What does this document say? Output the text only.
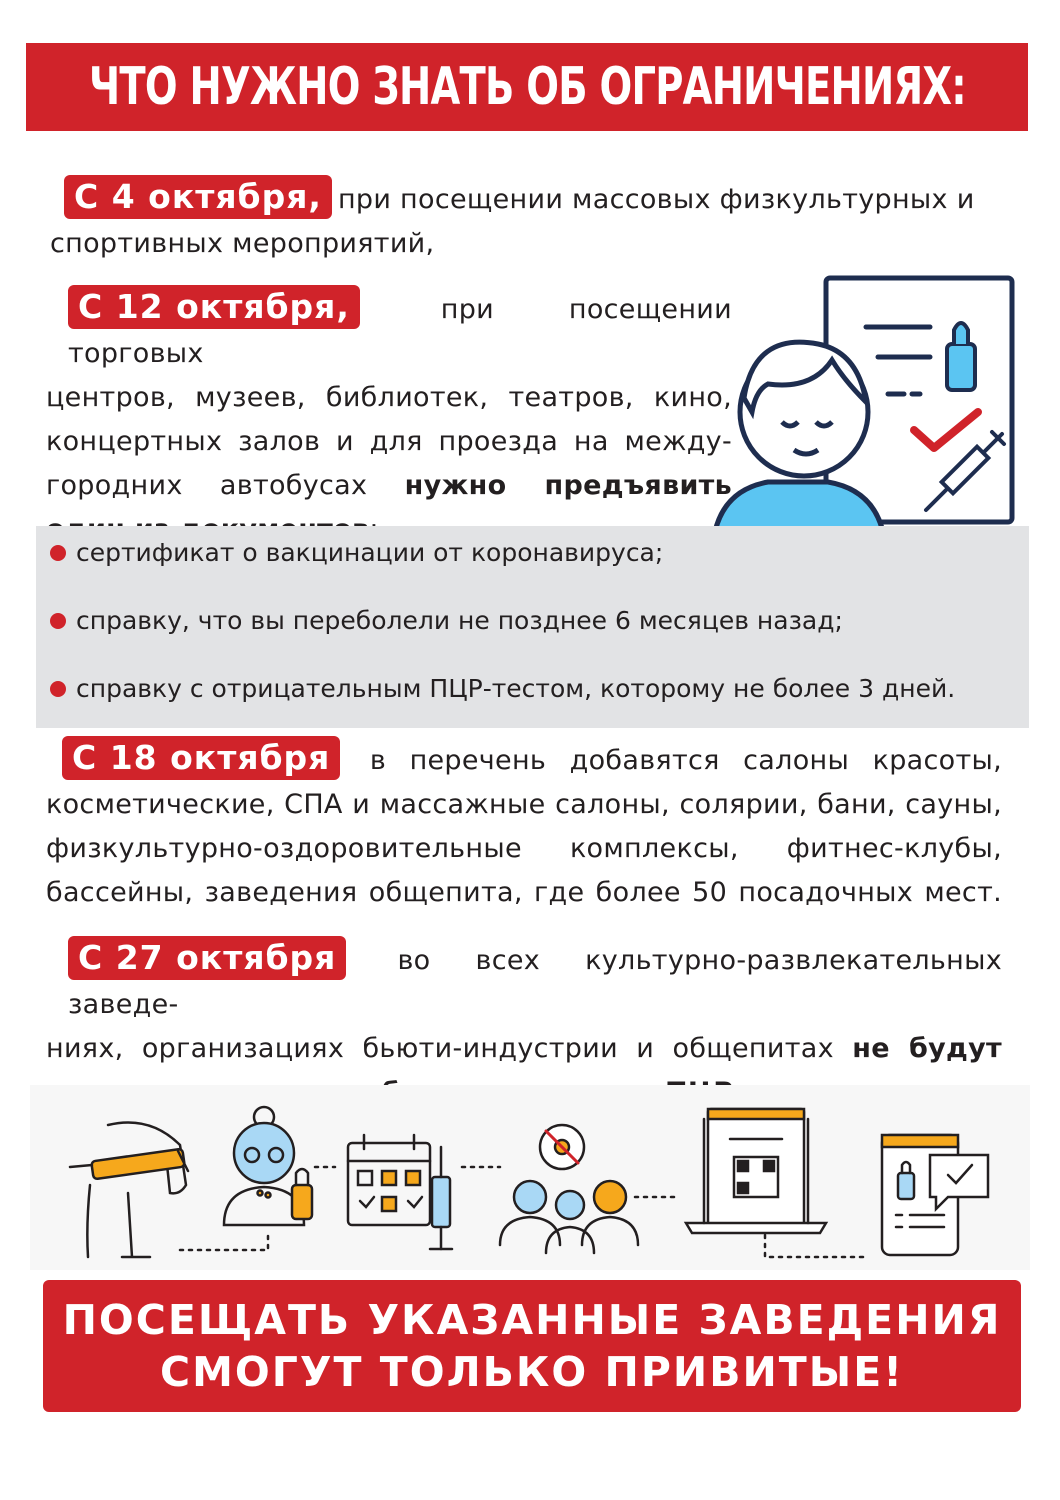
ЧТО НУЖНО ЗНАТЬ ОБ ОГРАНИЧЕНИЯХ:
С 4 октября, при посещении массовых физкультурных и
спортивных мероприятий,
С 12 октября,	при посещении торговых
центров, музеев, библиотек, театров, кино,
концертных залов и для проезда на между-
городних автобусах нужно предъявить
сертификат о вакцинации от коронавируса;
справку, что вы переболели не позднее 6 месяцев назад;
справку с отрицательным ПЦР-тестом, которому не более 3 дней.
С 18 октября в перечень добавятся салоны красоты,
косметические, СПА и массажные салоны, солярии, бани, сауны,
физкультурно-оздоровительные комплексы, фитнес-клубы,
бассейны, заведения общепита, где более 50 посадочных мест.
С 27 октября во всех культурно-развлекательных заведе-
ниях, организациях бьюти-индустрии и общепитах не будут
ПОСЕЩАТЬ УКАЗАННЫЕ ЗАВЕДЕНИЯ
СМОГУТ ТОЛЬКО ПРИВИТЫЕ!
